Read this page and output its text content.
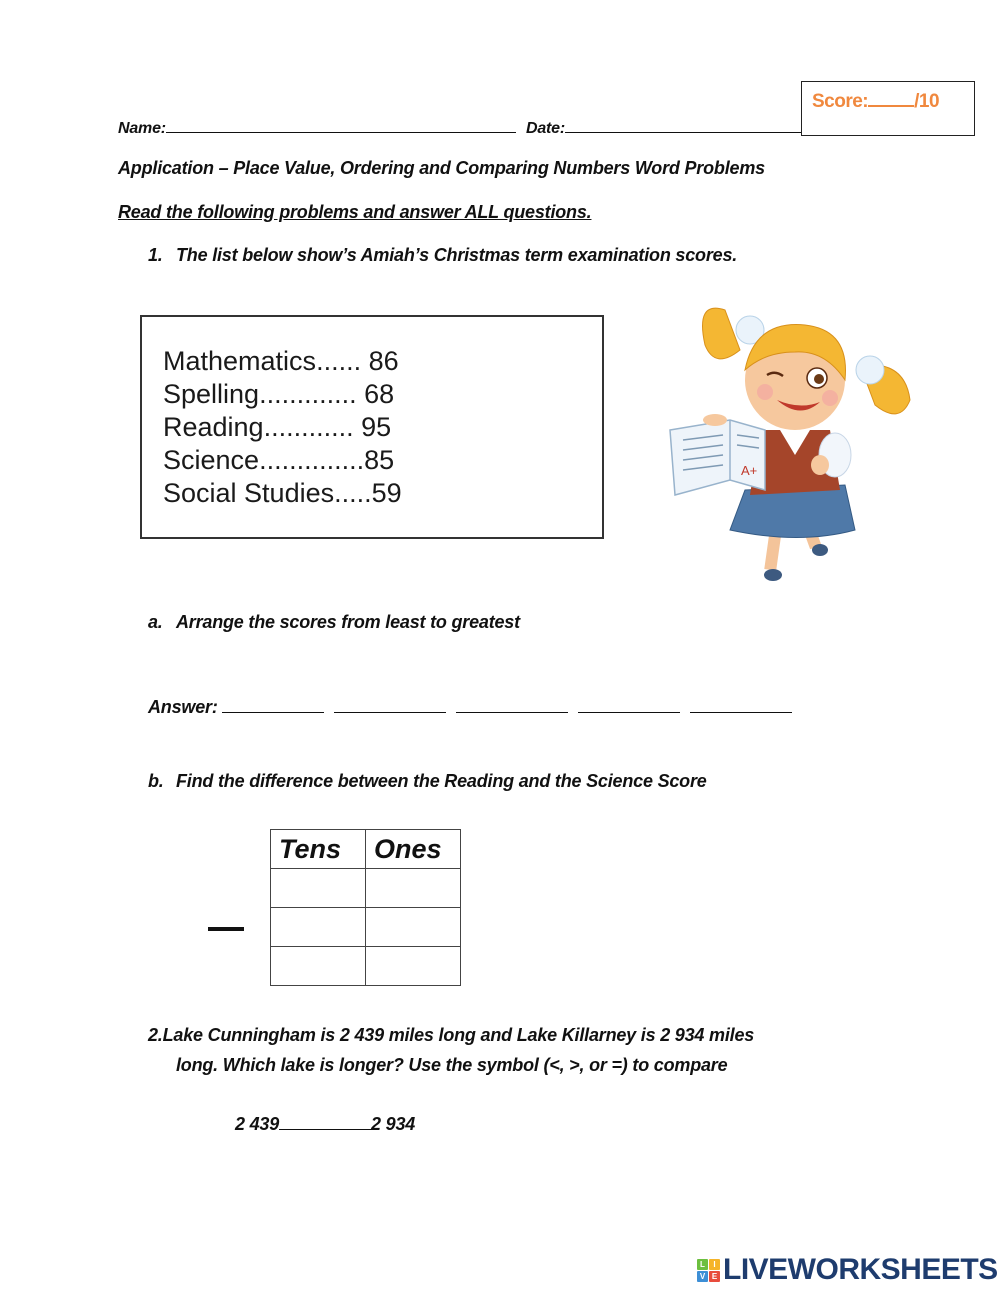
Name:	Date:
Score: /10
Application – Place Value, Ordering and Comparing Numbers Word Problems
Read the following problems and answer ALL questions.
1. The list below show’s Amiah’s Christmas term examination scores.
Mathematics...... 86
Spelling............. 68
Reading............ 95
Science..............85
Social Studies.....59
A+
a. Arrange the scores from least to greatest
Answer:
b. Find the difference between the Reading and the Science Score
Tens	Ones

2.Lake Cunningham is 2 439 miles long and Lake Killarney is 2 934 miles
long. Which lake is longer? Use the symbol (<, >, or =) to compare
2 439	2 934
L	I
V E LIVEWORKSHEETS
